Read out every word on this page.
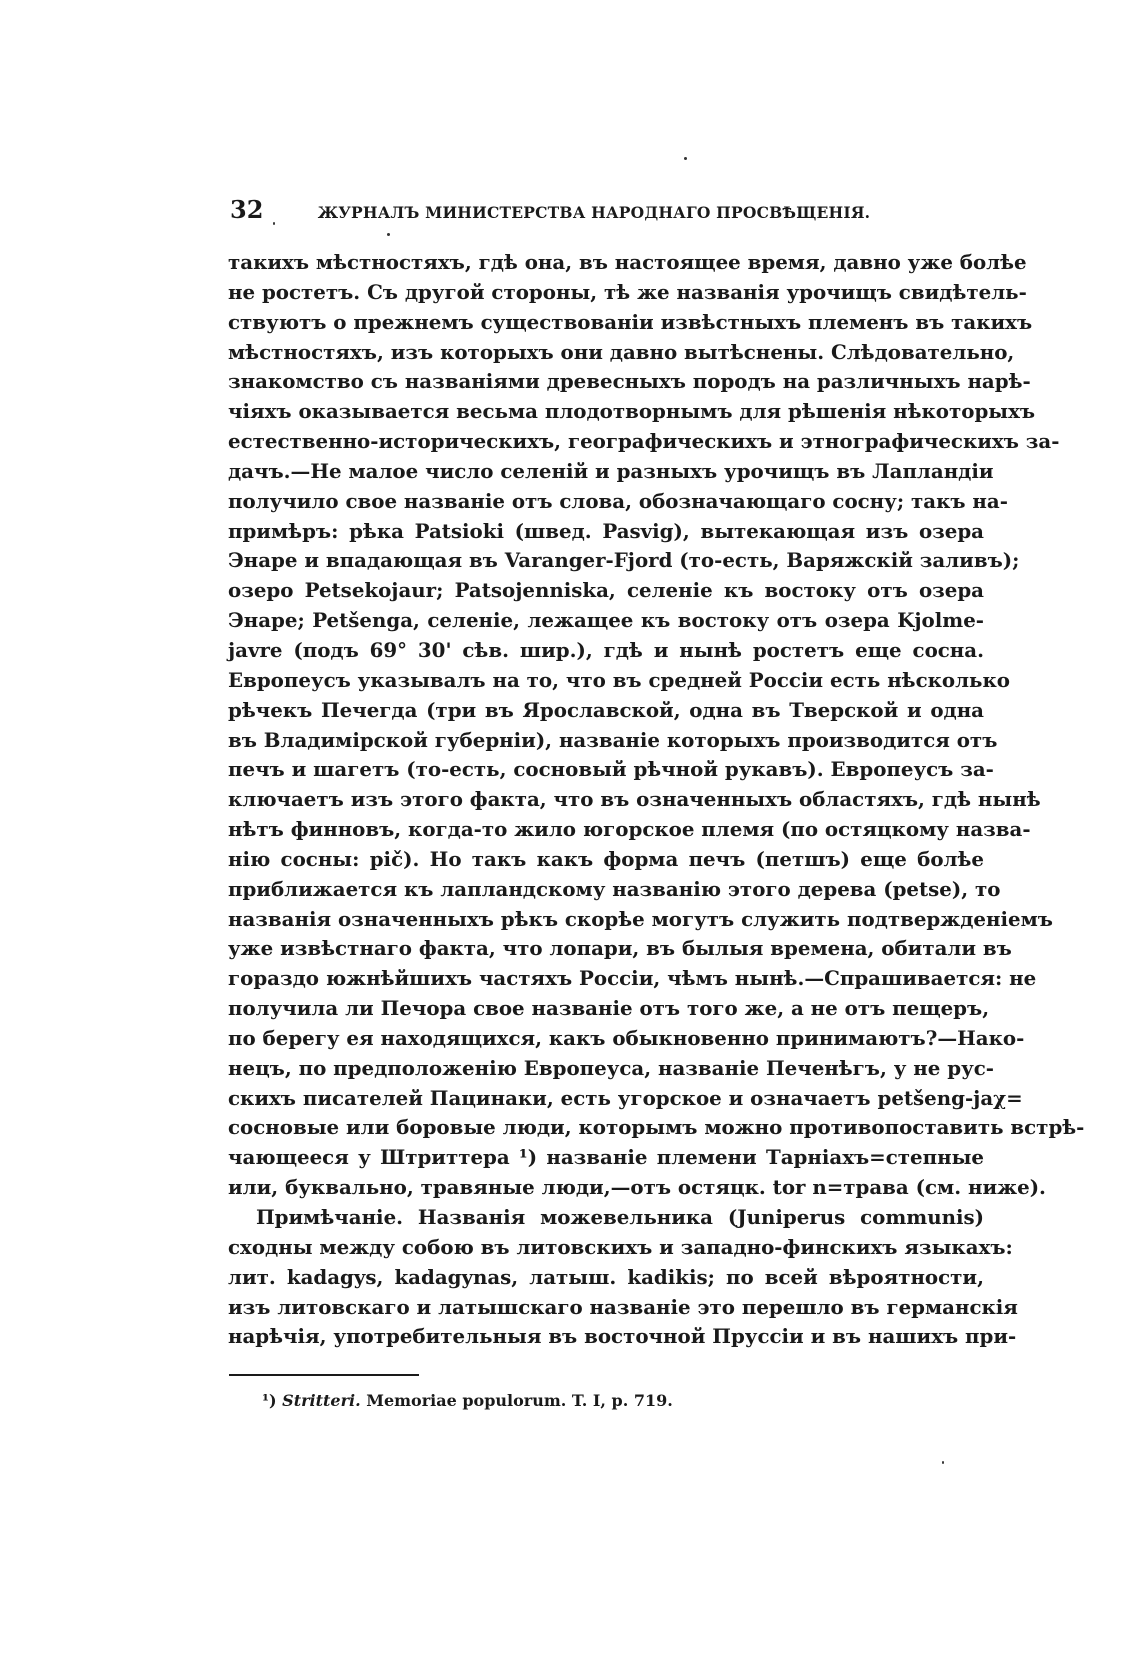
32	ЖУРНАЛЪ МИНИСТЕРСТВА НАРОДНАГО ПРОСВѢЩЕНІЯ.
такихъ мѣстностяхъ, гдѣ она, въ настоящее время, давно уже болѣе
не ростетъ. Съ другой стороны, тѣ же названія урочищъ свидѣтель-
ствуютъ о прежнемъ существованіи извѣстныхъ племенъ въ такихъ
мѣстностяхъ, изъ которыхъ они давно вытѣснены. Слѣдовательно,
знакомство съ названіями древесныхъ породъ на различныхъ нарѣ-
чіяхъ оказывается весьма плодотворнымъ для рѣшенія нѣкоторыхъ
естественно-историческихъ, географическихъ и этнографическихъ за-
дачъ.—Не малое число селеній и разныхъ урочищъ въ Лапландіи
получило свое названіе отъ слова, обозначающаго сосну; такъ на-
примѣръ: рѣка Patsioki (швед. Pasvig), вытекающая изъ озера
Энаре и впадающая въ Varanger-Fjord (то-есть, Варяжскій заливъ);
озеро Petsekojaur; Patsojenniska, селеніе къ востоку отъ озера
Энаре; Petšenga, селеніе, лежащее къ востоку отъ озера Kjolme-
javre (подъ 69° 30' сѣв. шир.), гдѣ и нынѣ ростетъ еще сосна.
Европеусъ указывалъ на то, что въ средней Россіи есть нѣсколько
рѣчекъ Печегда (три въ Ярославской, одна въ Тверской и одна
въ Владимірской губерніи), названіе которыхъ производится отъ
печъ и шагетъ (то-есть, сосновый рѣчной рукавъ). Европеусъ за-
ключаетъ изъ этого факта, что въ означенныхъ областяхъ, гдѣ нынѣ
нѣтъ финновъ, когда-то жило югорское племя (по остяцкому назва-
нію сосны: pič). Но такъ какъ форма печъ (петшъ) еще болѣе
приближается къ лапландскому названію этого дерева (petse), то
названія означенныхъ рѣкъ скорѣе могутъ служить подтвержденіемъ
уже извѣстнаго факта, что лопари, въ былыя времена, обитали въ
гораздо южнѣйшихъ частяхъ Россіи, чѣмъ нынѣ.—Спрашивается: не
получила ли Печора свое названіе отъ того же, а не отъ пещеръ,
по берегу ея находящихся, какъ обыкновенно принимаютъ?—Нако-
нецъ, по предположенію Европеуса, названіе Печенѣгъ, у не рус-
скихъ писателей Пацинаки, есть угорское и означаетъ petšeng-jaχ=
сосновые или боровые люди, которымъ можно противопоставить встрѣ-
чающееся у Штриттера ¹) названіе племени Тарніахъ=степные
или, буквально, травяные люди,—отъ остяцк. tor n=трава (см. ниже).
Примѣчаніе. Названія можевельника (Juniperus communis)
сходны между собою въ литовскихъ и западно-финскихъ языкахъ:
лит. kadagys, kadagynas, латыш. kadikis; по всей вѣроятности,
изъ литовскаго и латышскаго названіе это перешло въ германскія
нарѣчія, употребительныя въ восточной Пруссіи и въ нашихъ при-
¹) Stritteri. Memoriae populorum. T. I, p. 719.
